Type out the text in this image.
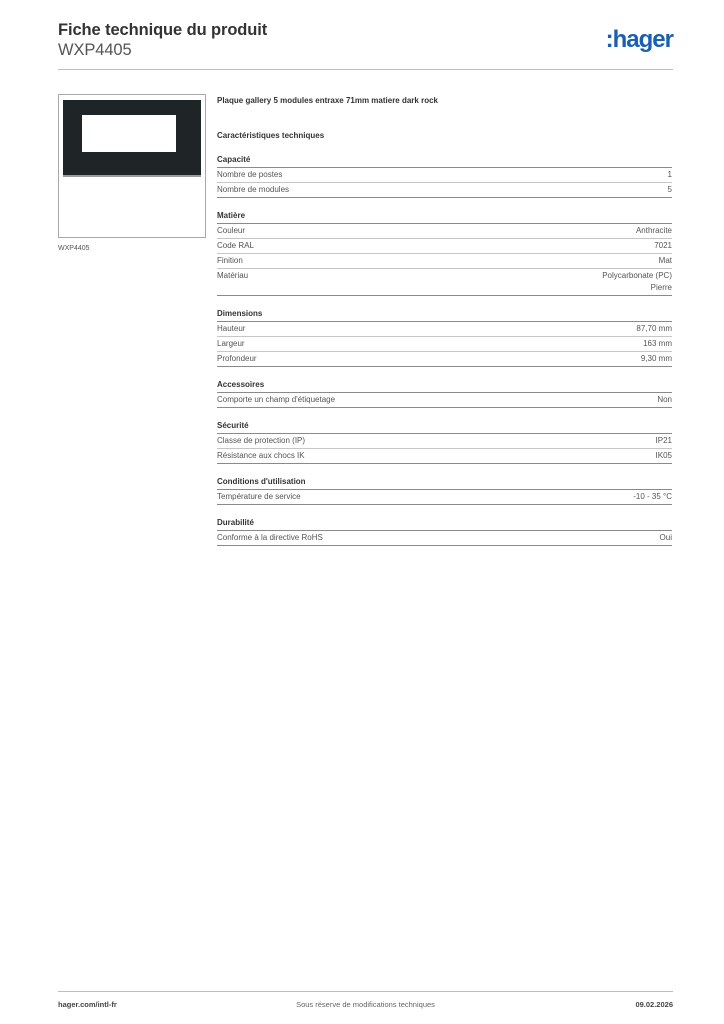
Fiche technique du produit
WXP4405	:hager
WXP4405
Plaque gallery 5 modules entraxe 71mm matiere dark rock
Caractéristiques techniques
Capacité
Nombre de postes	1
Nombre de modules	5
Matière
Couleur	Anthracite
Code RAL	7021
Finition	Mat
Matériau	Polycarbonate (PC)
Pierre
Dimensions
Hauteur	87,70 mm
Largeur	163 mm
Profondeur	9,30 mm
Accessoires
Comporte un champ d'étiquetage	Non
Sécurité
Classe de protection (IP)	IP21
Résistance aux chocs IK	IK05
Conditions d'utilisation
Température de service	-10 - 35 °C
Durabilité
Conforme à la directive RoHS	Oui
hager.com/intl-fr	Sous réserve de modifications techniques	09.02.2026
